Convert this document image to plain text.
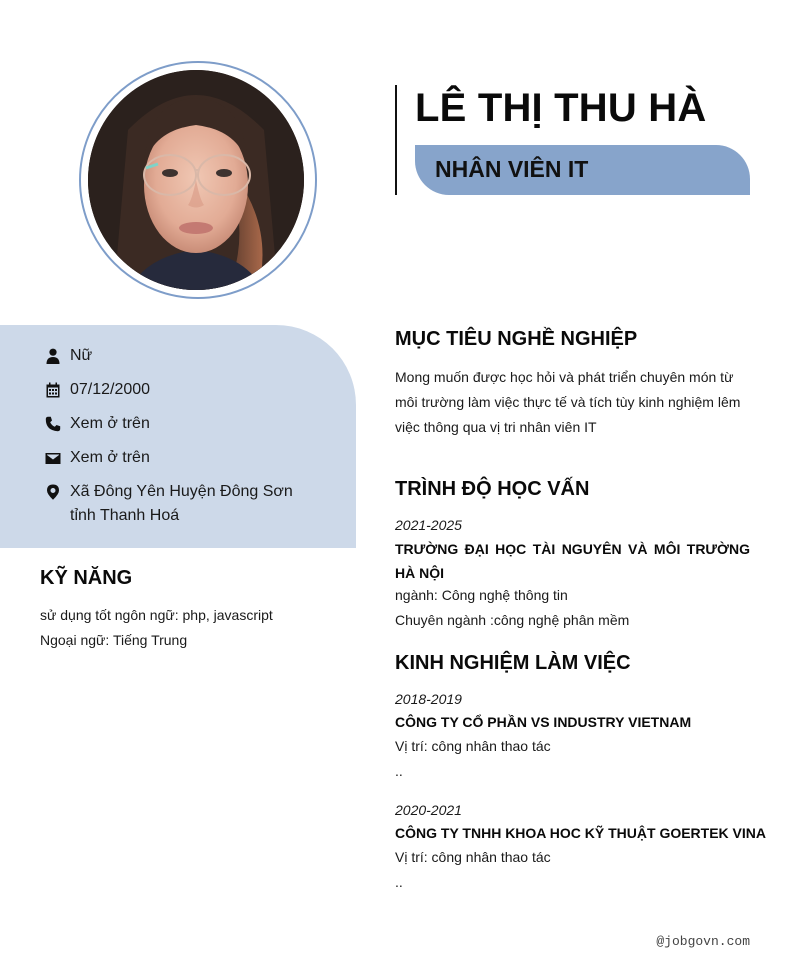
LÊ THỊ THU HÀ
NHÂN VIÊN IT
Nữ
07/12/2000
Xem ở trên
Xem ở trên
Xã Đông Yên Huyện Đông Sơn
tỉnh Thanh Hoá
KỸ NĂNG
sử dụng tốt ngôn ngữ: php, javascript
Ngoại ngữ: Tiếng Trung
MỤC TIÊU NGHỀ NGHIỆP
Mong muốn được học hỏi và phát triển chuyên món từ môi trường làm việc thực tế và tích tùy kinh nghiệm lêm việc thông qua vị tri nhân viên IT
TRÌNH ĐỘ HỌC VẤN
2021-2025
TRƯỜNG ĐẠI HỌC TÀI NGUYÊN VÀ MÔI TRƯỜNG HÀ NỘI
ngành: Công nghệ thông tin
Chuyên ngành :công nghệ phân mềm
KINH NGHIỆM LÀM VIỆC
2018-2019
CÔNG TY CỔ PHẦN VS INDUSTRY VIETNAM
Vị trí: công nhân thao tác
..
2020-2021
CÔNG TY TNHH KHOA HOC KỸ THUẬT GOERTEK VINA
Vị trí: công nhân thao tác
..
@jobgovn.com
